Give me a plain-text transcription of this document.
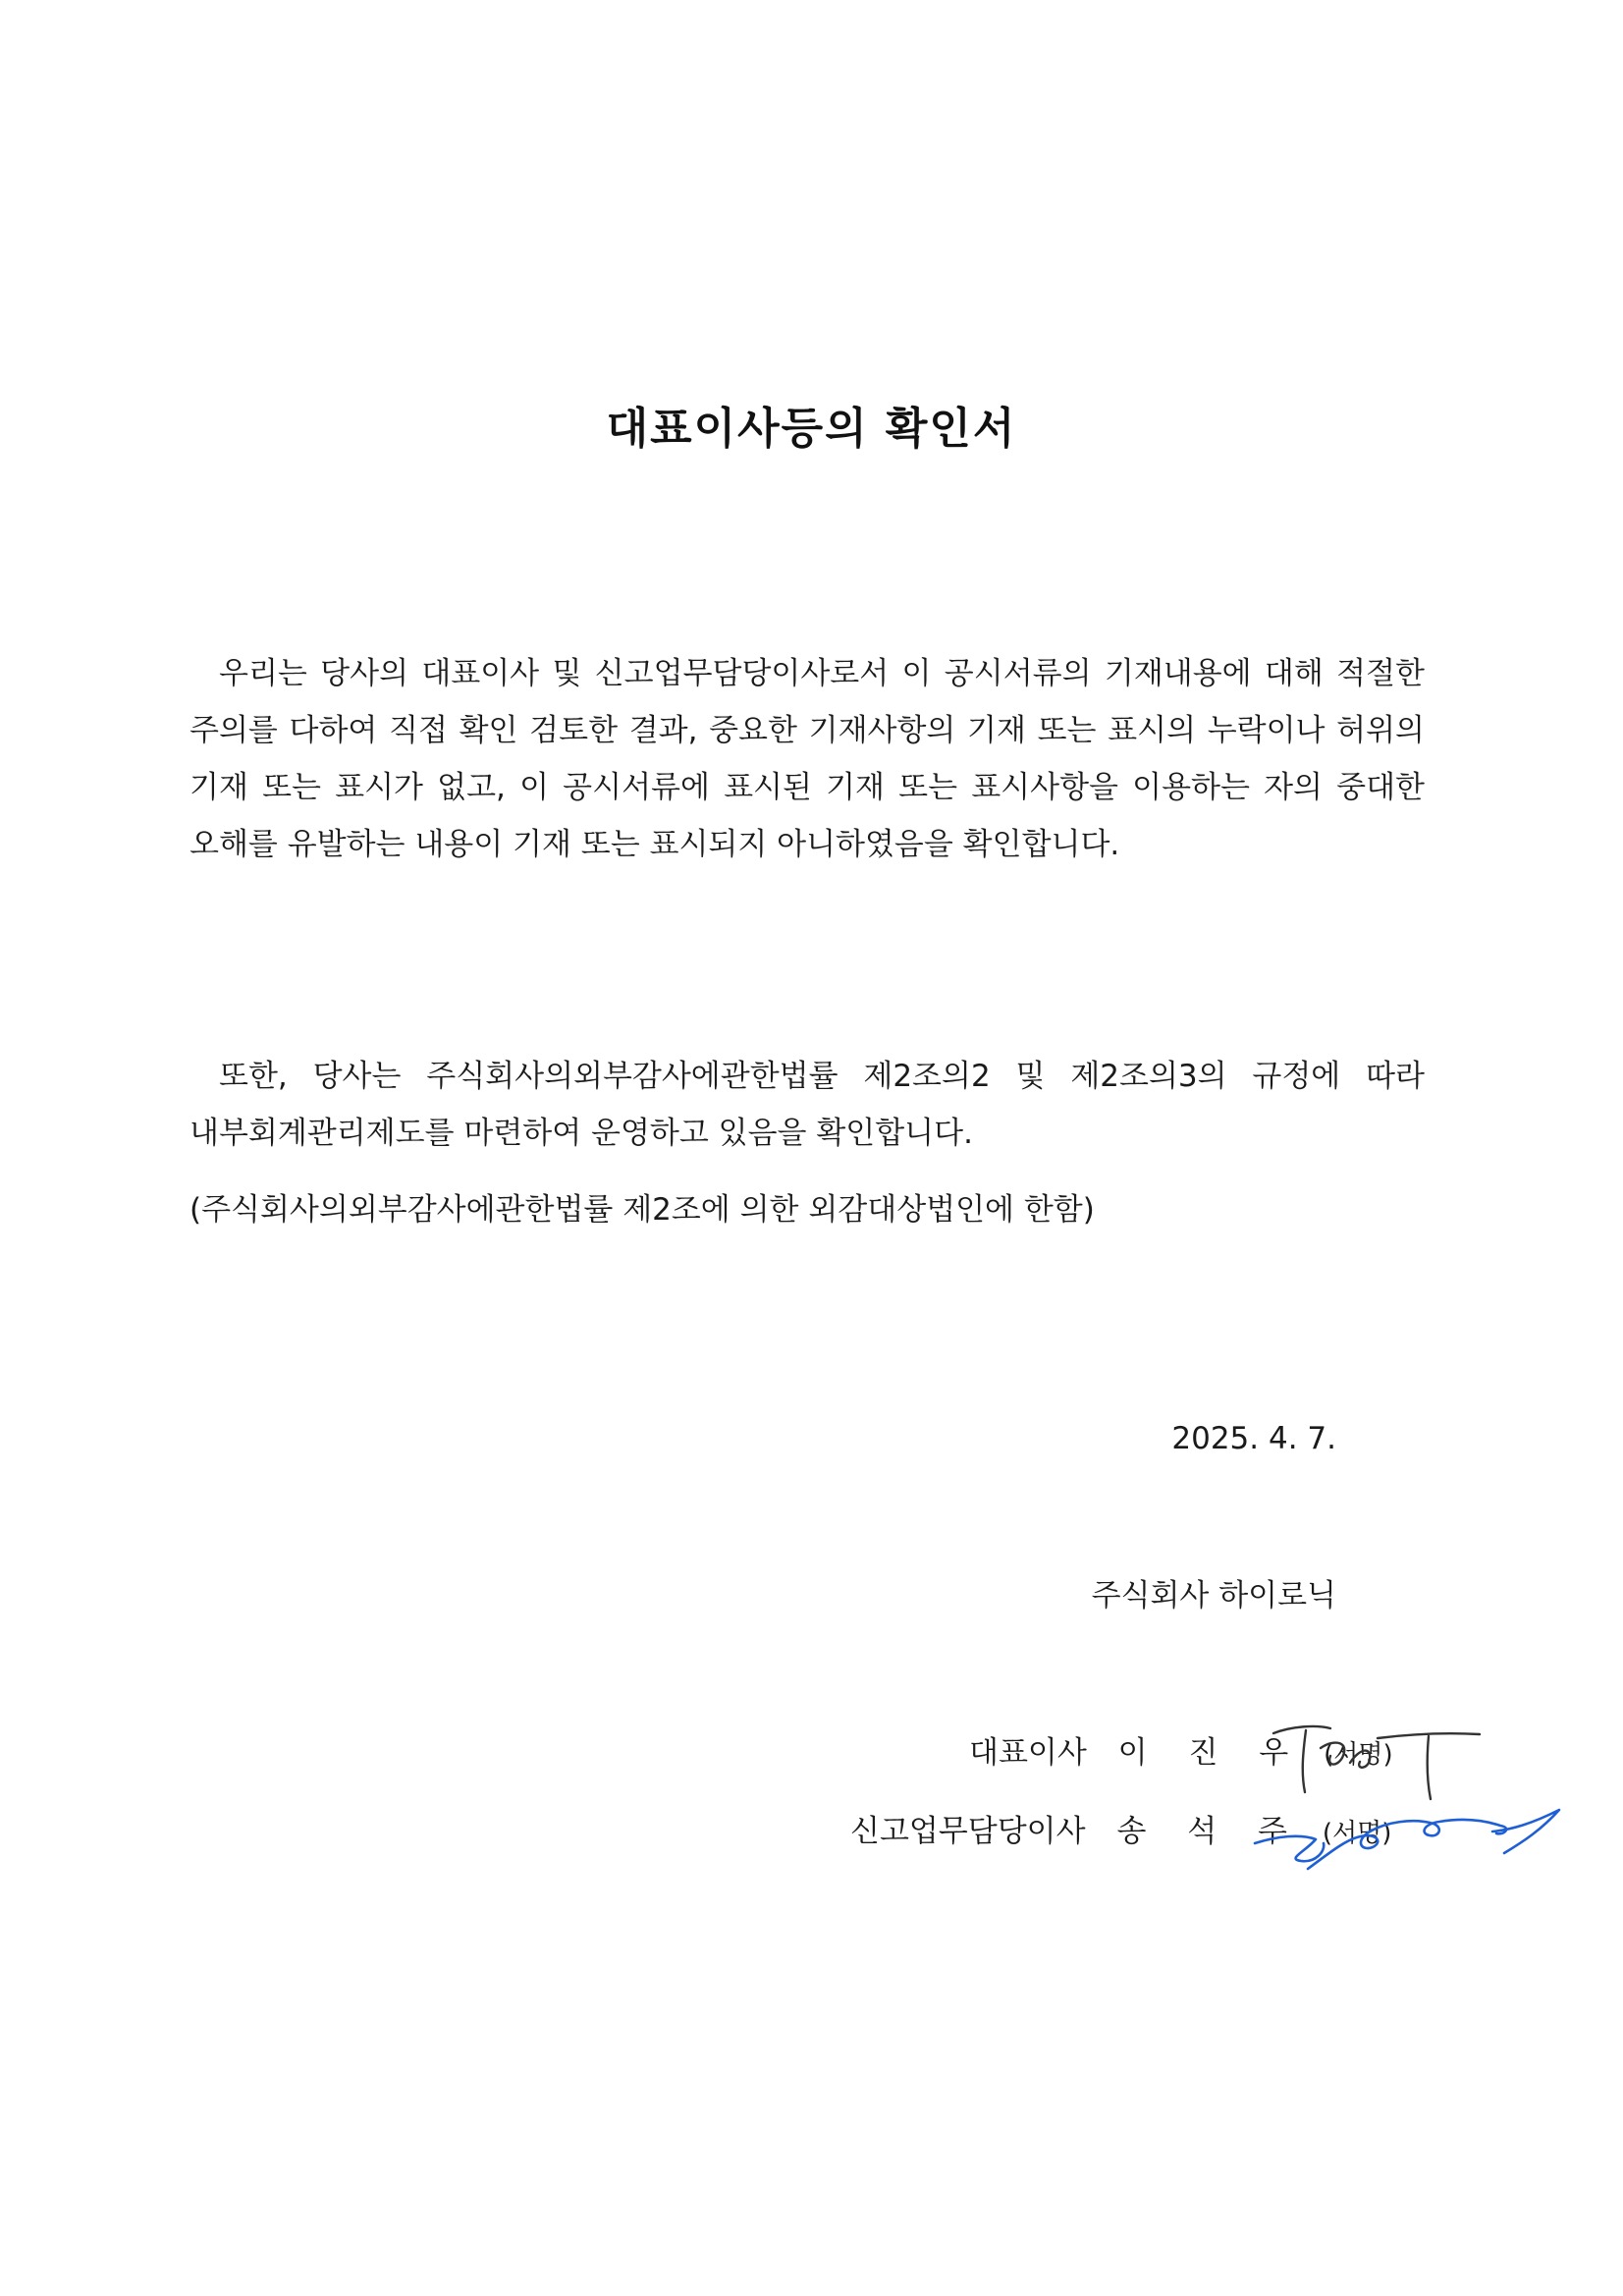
대표이사등의 확인서
우리는 당사의 대표이사 및 신고업무담당이사로서 이 공시서류의 기재내용에 대해 적절한 주의를 다하여 직접 확인 검토한 결과, 중요한 기재사항의 기재 또는 표시의 누락이나 허위의 기재 또는 표시가 없고, 이 공시서류에 표시된 기재 또는 표시사항을 이용하는 자의 중대한 오해를 유발하는 내용이 기재 또는 표시되지 아니하였음을 확인합니다.
또한, 당사는 주식회사의외부감사에관한법률 제2조의2 및 제2조의3의 규정에 따라 내부회계관리제도를 마련하여 운영하고 있음을 확인합니다.
(주식회사의외부감사에관한법률 제2조에 의한 외감대상법인에 한함)
2025. 4. 7.
주식회사 하이로닉
대표이사 이 진 우 (서명)
신고업무담당이사 송 석 주 (서명)
